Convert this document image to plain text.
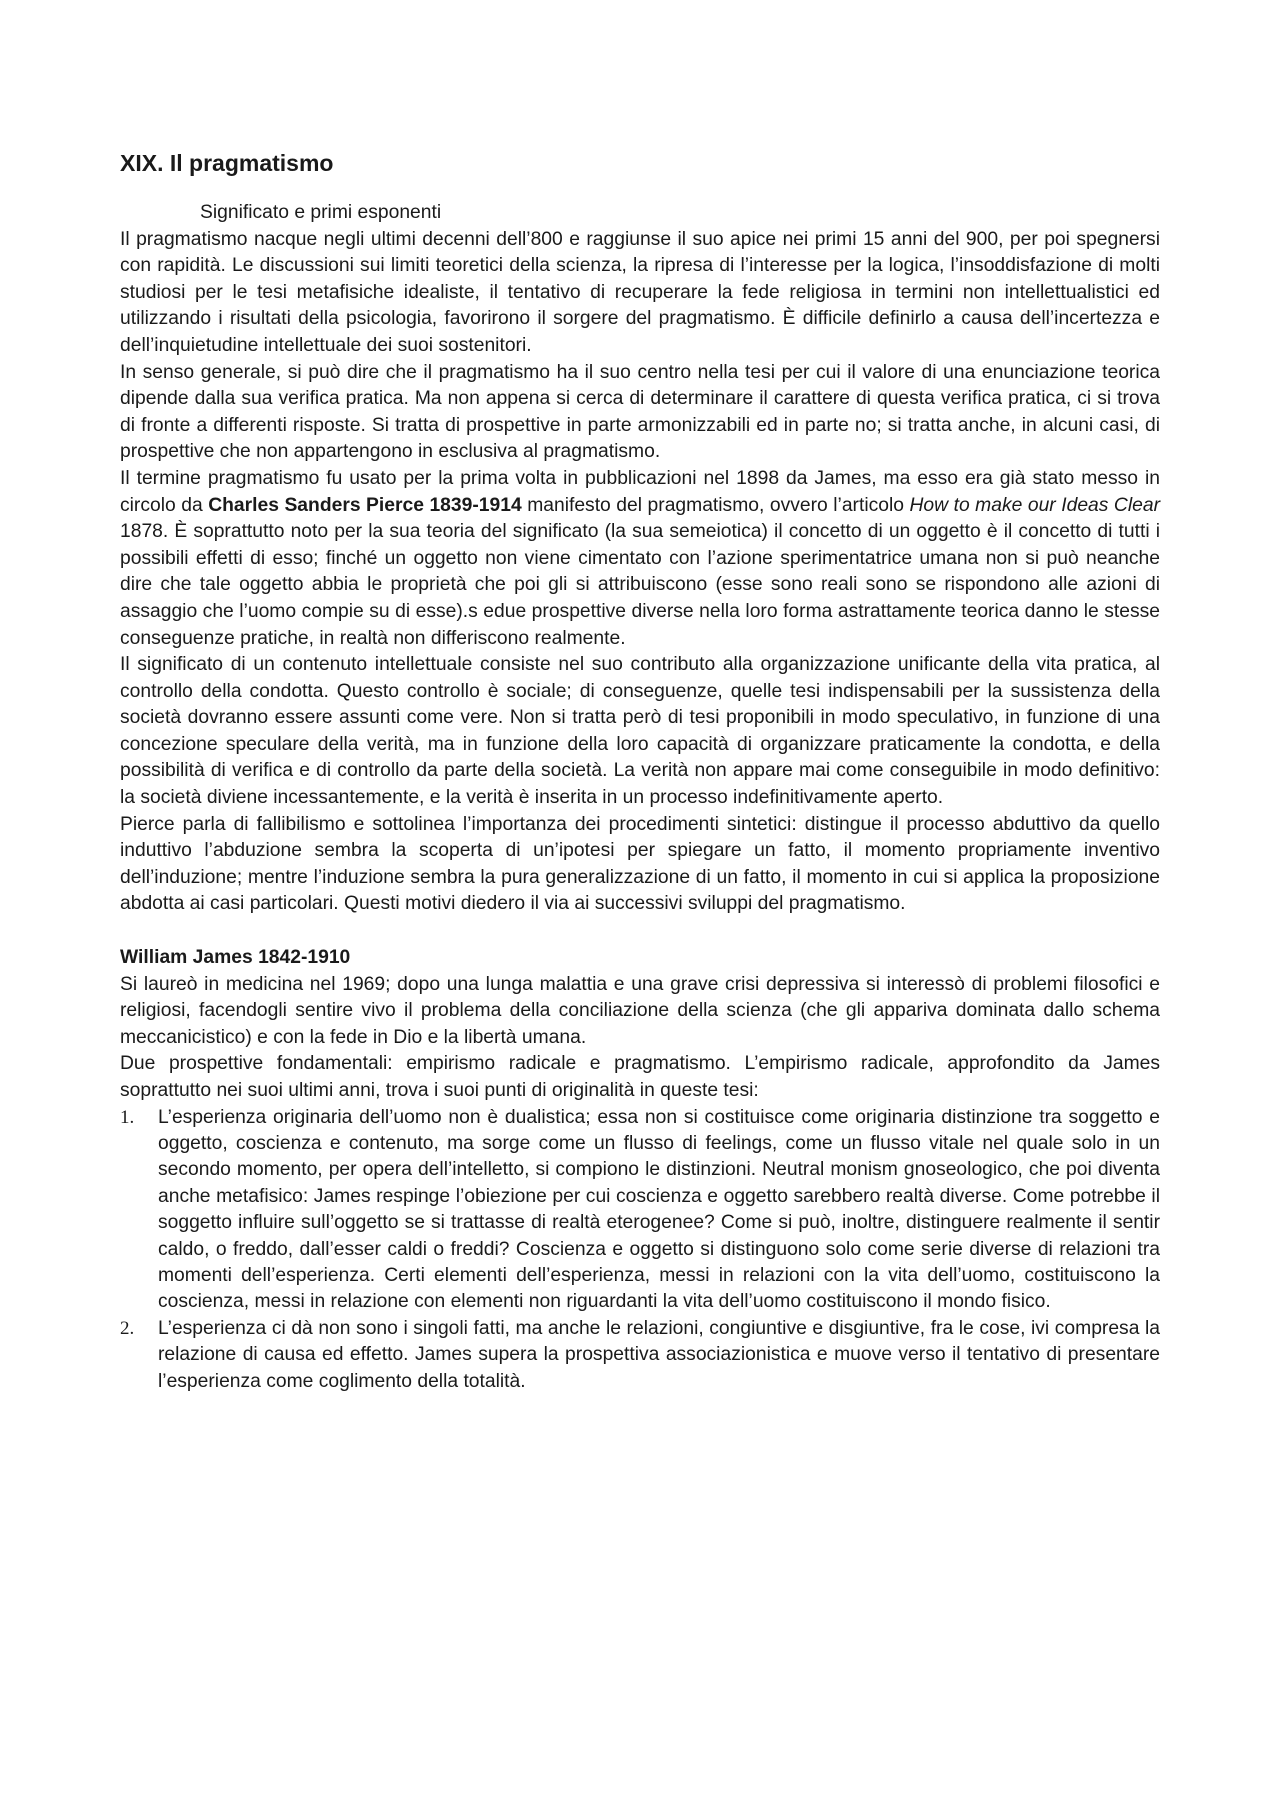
XIX. Il pragmatismo
Significato e primi esponenti

Il pragmatismo nacque negli ultimi decenni dell’800 e raggiunse il suo apice nei primi 15 anni del 900, per poi spegnersi con rapidità. Le discussioni sui limiti teoretici della scienza, la ripresa di l’interesse per la logica, l’insoddisfazione di molti studiosi per le tesi metafisiche idealiste, il tentativo di recuperare la fede religiosa in termini non intellettualistici ed utilizzando i risultati della psicologia, favorirono il sorgere del pragmatismo. È difficile definirlo a causa dell’incertezza e dell’inquietudine intellettuale dei suoi sostenitori.

In senso generale, si può dire che il pragmatismo ha il suo centro nella tesi per cui il valore di una enunciazione teorica dipende dalla sua verifica pratica. Ma non appena si cerca di determinare il carattere di questa verifica pratica, ci si trova di fronte a differenti risposte. Si tratta di prospettive in parte armonizzabili ed in parte no; si tratta anche, in alcuni casi, di prospettive che non appartengono in esclusiva al pragmatismo.

Il termine pragmatismo fu usato per la prima volta in pubblicazioni nel 1898 da James, ma esso era già stato messo in circolo da Charles Sanders Pierce 1839-1914 manifesto del pragmatismo, ovvero l’articolo How to make our Ideas Clear 1878. È soprattutto noto per la sua teoria del significato (la sua semeiotica) il concetto di un oggetto è il concetto di tutti i possibili effetti di esso; finché un oggetto non viene cimentato con l’azione sperimentatrice umana non si può neanche dire che tale oggetto abbia le proprietà che poi gli si attribuiscono (esse sono reali sono se rispondono alle azioni di assaggio che l’uomo compie su di esse).s edue prospettive diverse nella loro forma astrattamente teorica danno le stesse conseguenze pratiche, in realtà non differiscono realmente.

Il significato di un contenuto intellettuale consiste nel suo contributo alla organizzazione unificante della vita pratica, al controllo della condotta. Questo controllo è sociale; di conseguenze, quelle tesi indispensabili per la sussistenza della società dovranno essere assunti come vere. Non si tratta però di tesi proponibili in modo speculativo, in funzione di una concezione speculare della verità, ma in funzione della loro capacità di organizzare praticamente la condotta, e della possibilità di verifica e di controllo da parte della società. La verità non appare mai come conseguibile in modo definitivo: la società diviene incessantemente, e la verità è inserita in un processo indefinitivamente aperto.

Pierce parla di fallibilismo e sottolinea l’importanza dei procedimenti sintetici: distingue il processo abduttivo da quello induttivo l’abduzione sembra la scoperta di un’ipotesi per spiegare un fatto, il momento propriamente inventivo dell’induzione; mentre l’induzione sembra la pura generalizzazione di un fatto, il momento in cui si applica la proposizione abdotta ai casi particolari. Questi motivi diedero il via ai successivi sviluppi del pragmatismo.

William James 1842-1910

Si laureò in medicina nel 1969; dopo una lunga malattia e una grave crisi depressiva si interessò di problemi filosofici e religiosi, facendogli sentire vivo il problema della conciliazione della scienza (che gli appariva dominata dallo schema meccanicistico) e con la fede in Dio e la libertà umana.

Due prospettive fondamentali: empirismo radicale e pragmatismo. L’empirismo radicale, approfondito da James soprattutto nei suoi ultimi anni, trova i suoi punti di originalità in queste tesi:

1. L’esperienza originaria dell’uomo non è dualistica; essa non si costituisce come originaria distinzione tra soggetto e oggetto, coscienza e contenuto, ma sorge come un flusso di feelings, come un flusso vitale nel quale solo in un secondo momento, per opera dell’intelletto, si compiono le distinzioni. Neutral monism gnoseologico, che poi diventa anche metafisico: James respinge l’obiezione per cui coscienza e oggetto sarebbero realtà diverse. Come potrebbe il soggetto influire sull’oggetto se si trattasse di realtà eterogenee? Come si può, inoltre, distinguere realmente il sentir caldo, o freddo, dall’esser caldi o freddi? Coscienza e oggetto si distinguono solo come serie diverse di relazioni tra momenti dell’esperienza. Certi elementi dell’esperienza, messi in relazioni con la vita dell’uomo, costituiscono la coscienza, messi in relazione con elementi non riguardanti la vita dell’uomo costituiscono il mondo fisico.
2. L’esperienza ci dà non sono i singoli fatti, ma anche le relazioni, congiuntive e disgiuntive, fra le cose, ivi compresa la relazione di causa ed effetto. James supera la prospettiva associazionistica e muove verso il tentativo di presentare l’esperienza come coglimento della totalità.
